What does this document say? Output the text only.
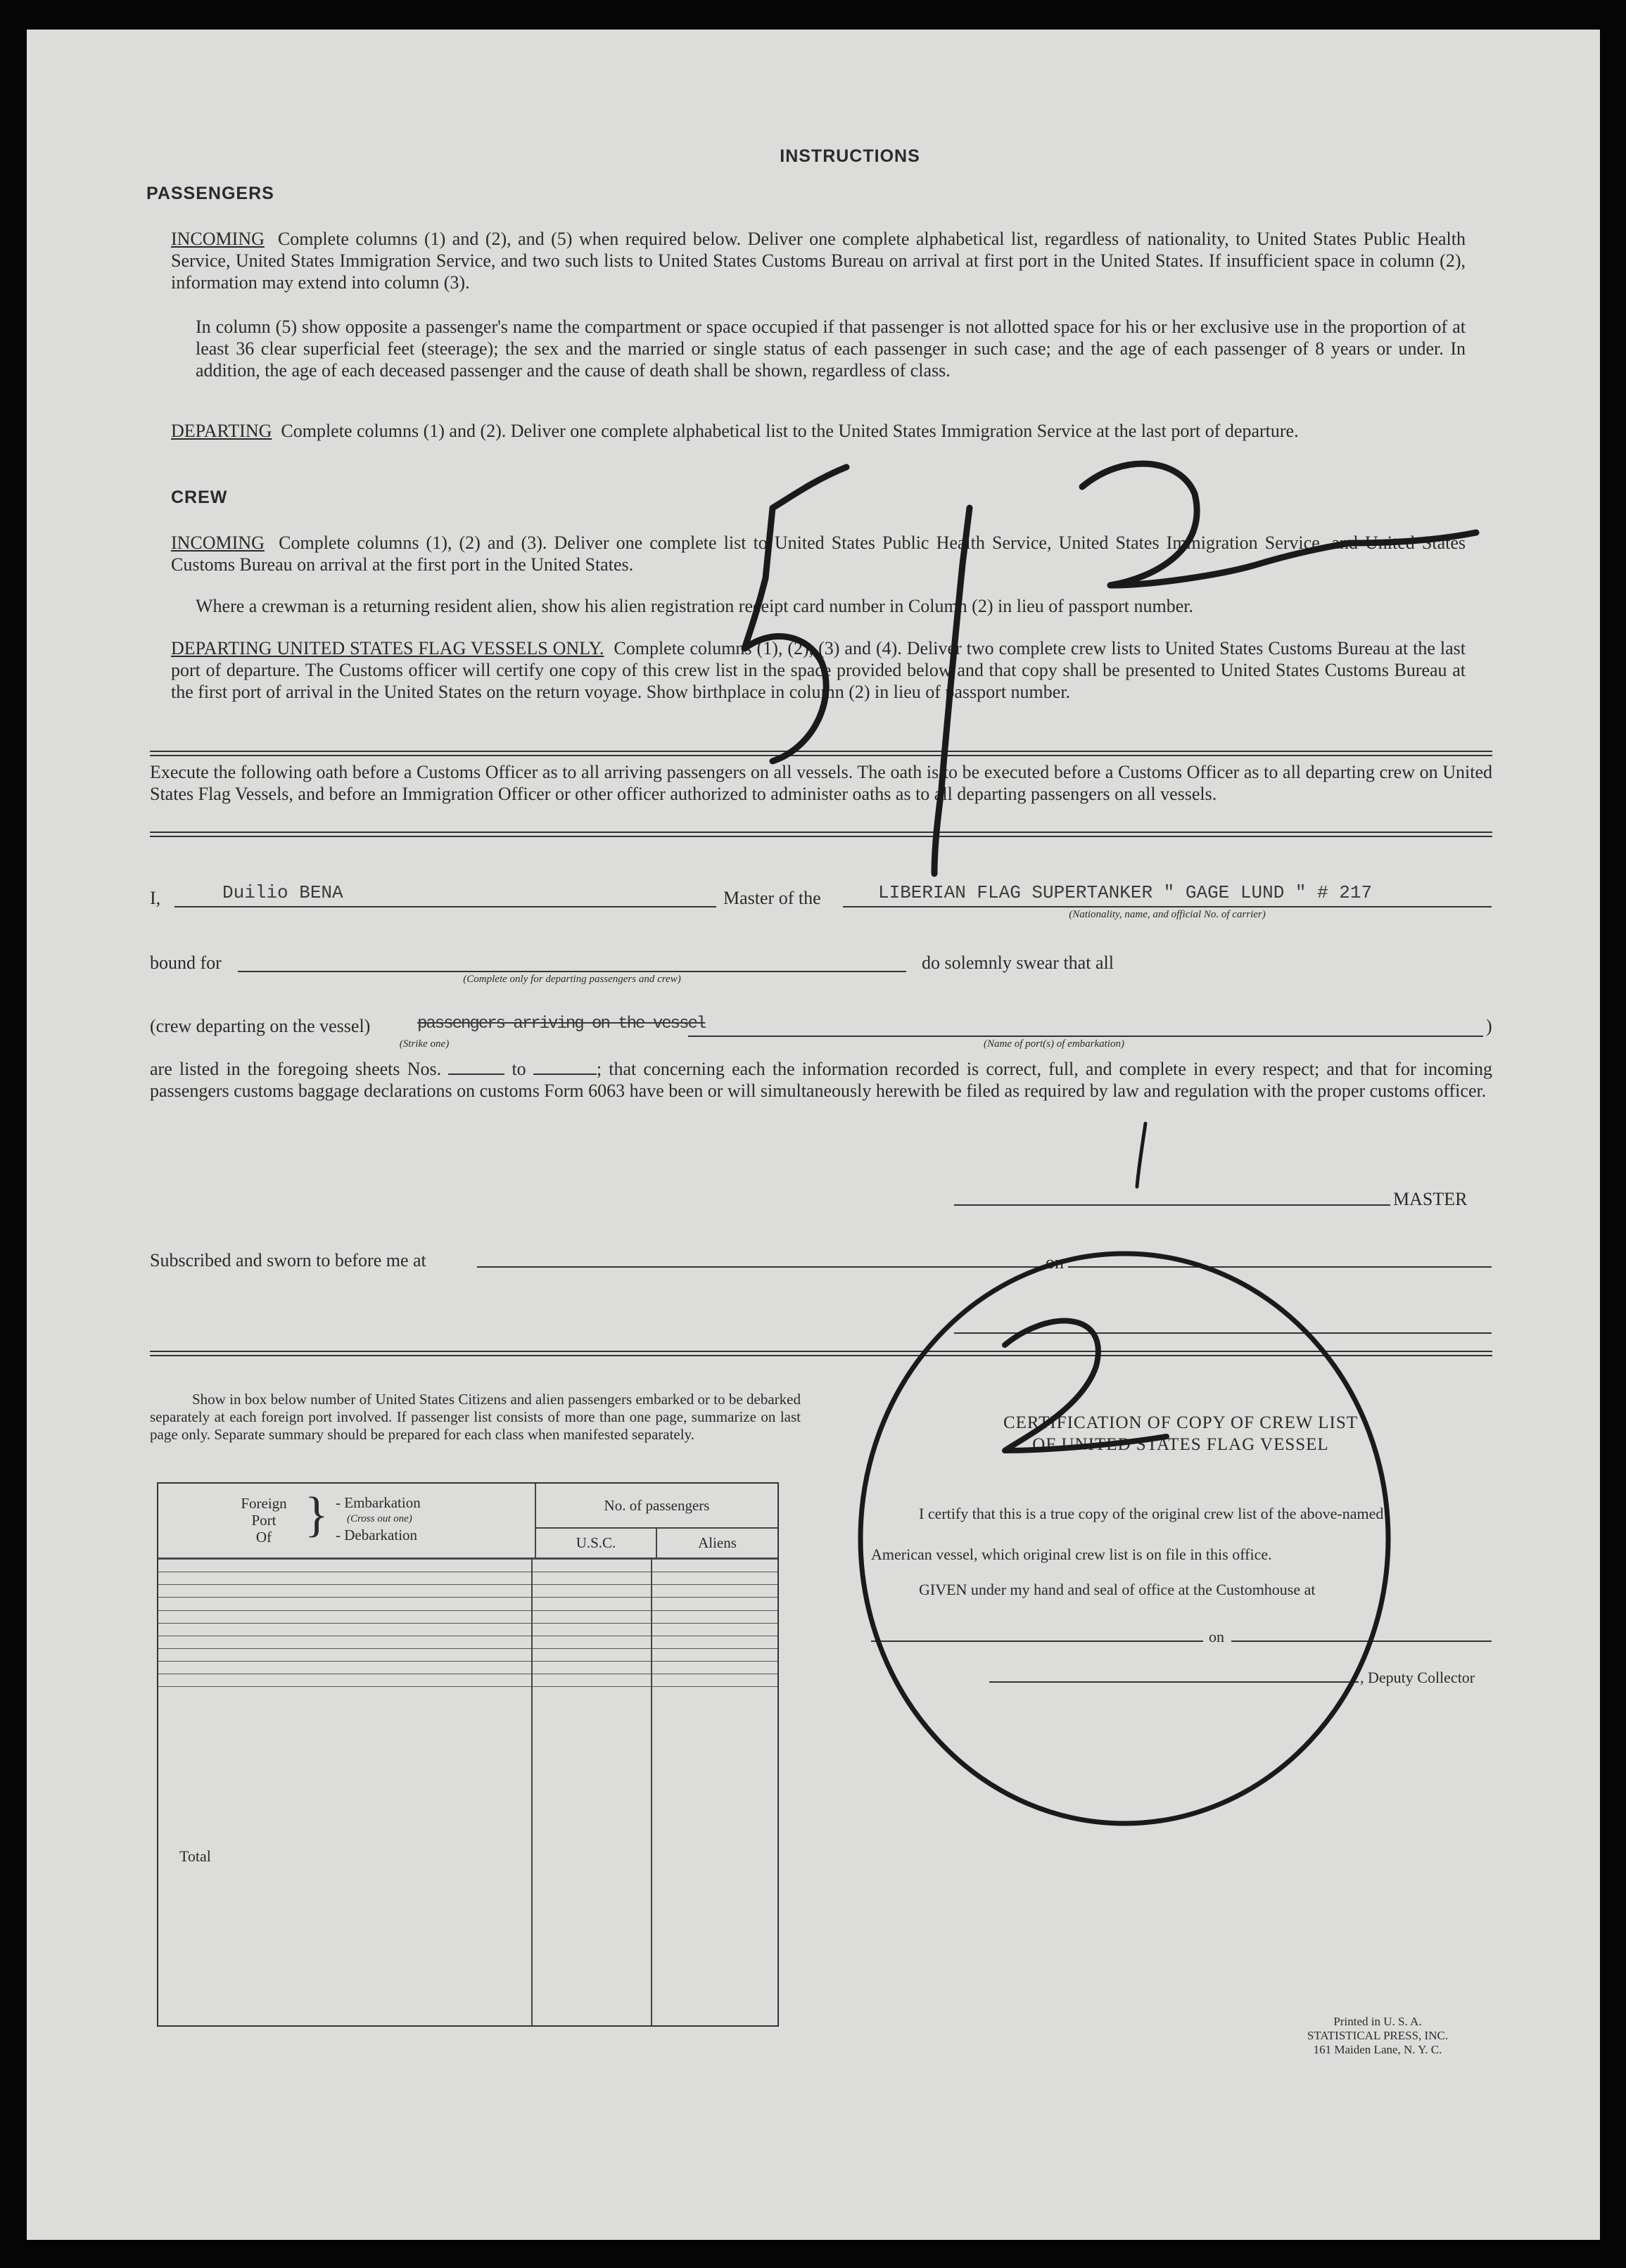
INSTRUCTIONS
PASSENGERS
INCOMING Complete columns (1) and (2), and (5) when required below. Deliver one complete alphabetical list, regardless of nationality, to United States Public Health Service, United States Immigration Service, and two such lists to United States Customs Bureau on arrival at first port in the United States. If insufficient space in column (2), information may extend into column (3).
In column (5) show opposite a passenger's name the compartment or space occupied if that passenger is not allotted space for his or her exclusive use in the proportion of at least 36 clear superficial feet (steerage); the sex and the married or single status of each passenger in such case; and the age of each passenger of 8 years or under. In addition, the age of each deceased passenger and the cause of death shall be shown, regardless of class.
DEPARTING Complete columns (1) and (2). Deliver one complete alphabetical list to the United States Immigration Service at the last port of departure.
CREW
INCOMING Complete columns (1), (2) and (3). Deliver one complete list to United States Public Health Service, United States Immigration Service, and United States Customs Bureau on arrival at the first port in the United States.
Where a crewman is a returning resident alien, show his alien registration receipt card number in Column (2) in lieu of passport number.
DEPARTING UNITED STATES FLAG VESSELS ONLY. Complete columns (1), (2), (3) and (4). Deliver two complete crew lists to United States Customs Bureau at the last port of departure. The Customs officer will certify one copy of this crew list in the space provided below and that copy shall be presented to United States Customs Bureau at the first port of arrival in the United States on the return voyage. Show birthplace in column (2) in lieu of passport number.
Execute the following oath before a Customs Officer as to all arriving passengers on all vessels. The oath is to be executed before a Customs Officer as to all departing crew on United States Flag Vessels, and before an Immigration Officer or other officer authorized to administer oaths as to all departing passengers on all vessels.
I,	Duilio BENA	Master of the	LIBERIAN FLAG SUPERTANKER " GAGE LUND " # 217
(Nationality, name, and official No. of carrier)
bound for
(Complete only for departing passengers and crew)
do solemnly swear that all
(crew departing on the vessel)	passengers arriving on the vessel	)
(Strike one)	(Name of port(s) of embarkation)
are listed in the foregoing sheets Nos.	to	; that concerning each the information recorded is correct, full, and complete in every respect; and that for incoming passengers customs baggage declarations on customs Form 6063 have been or will simultaneously herewith be filed as required by law and regulation with the proper customs officer.
MASTER
Subscribed and sworn to before me at	on
Show in box below number of United States Citizens and alien passengers embarked or to be debarked separately at each foreign port involved. If passenger list consists of more than one page, summarize on last page only. Separate summary should be prepared for each class when manifested separately.
Foreign
Port
Of } - Embarkation
(Cross out one)
- Debarkation
No. of passengers
U.S.C.	Aliens

Total		
CERTIFICATION OF COPY OF CREW LIST
OF UNITED STATES FLAG VESSEL
I certify that this is a true copy of the original crew list of the above-named
American vessel, which original crew list is on file in this office.
GIVEN under my hand and seal of office at the Customhouse at
on
, Deputy Collector
Printed in U. S. A.
STATISTICAL PRESS, INC.
161 Maiden Lane, N. Y. C.
